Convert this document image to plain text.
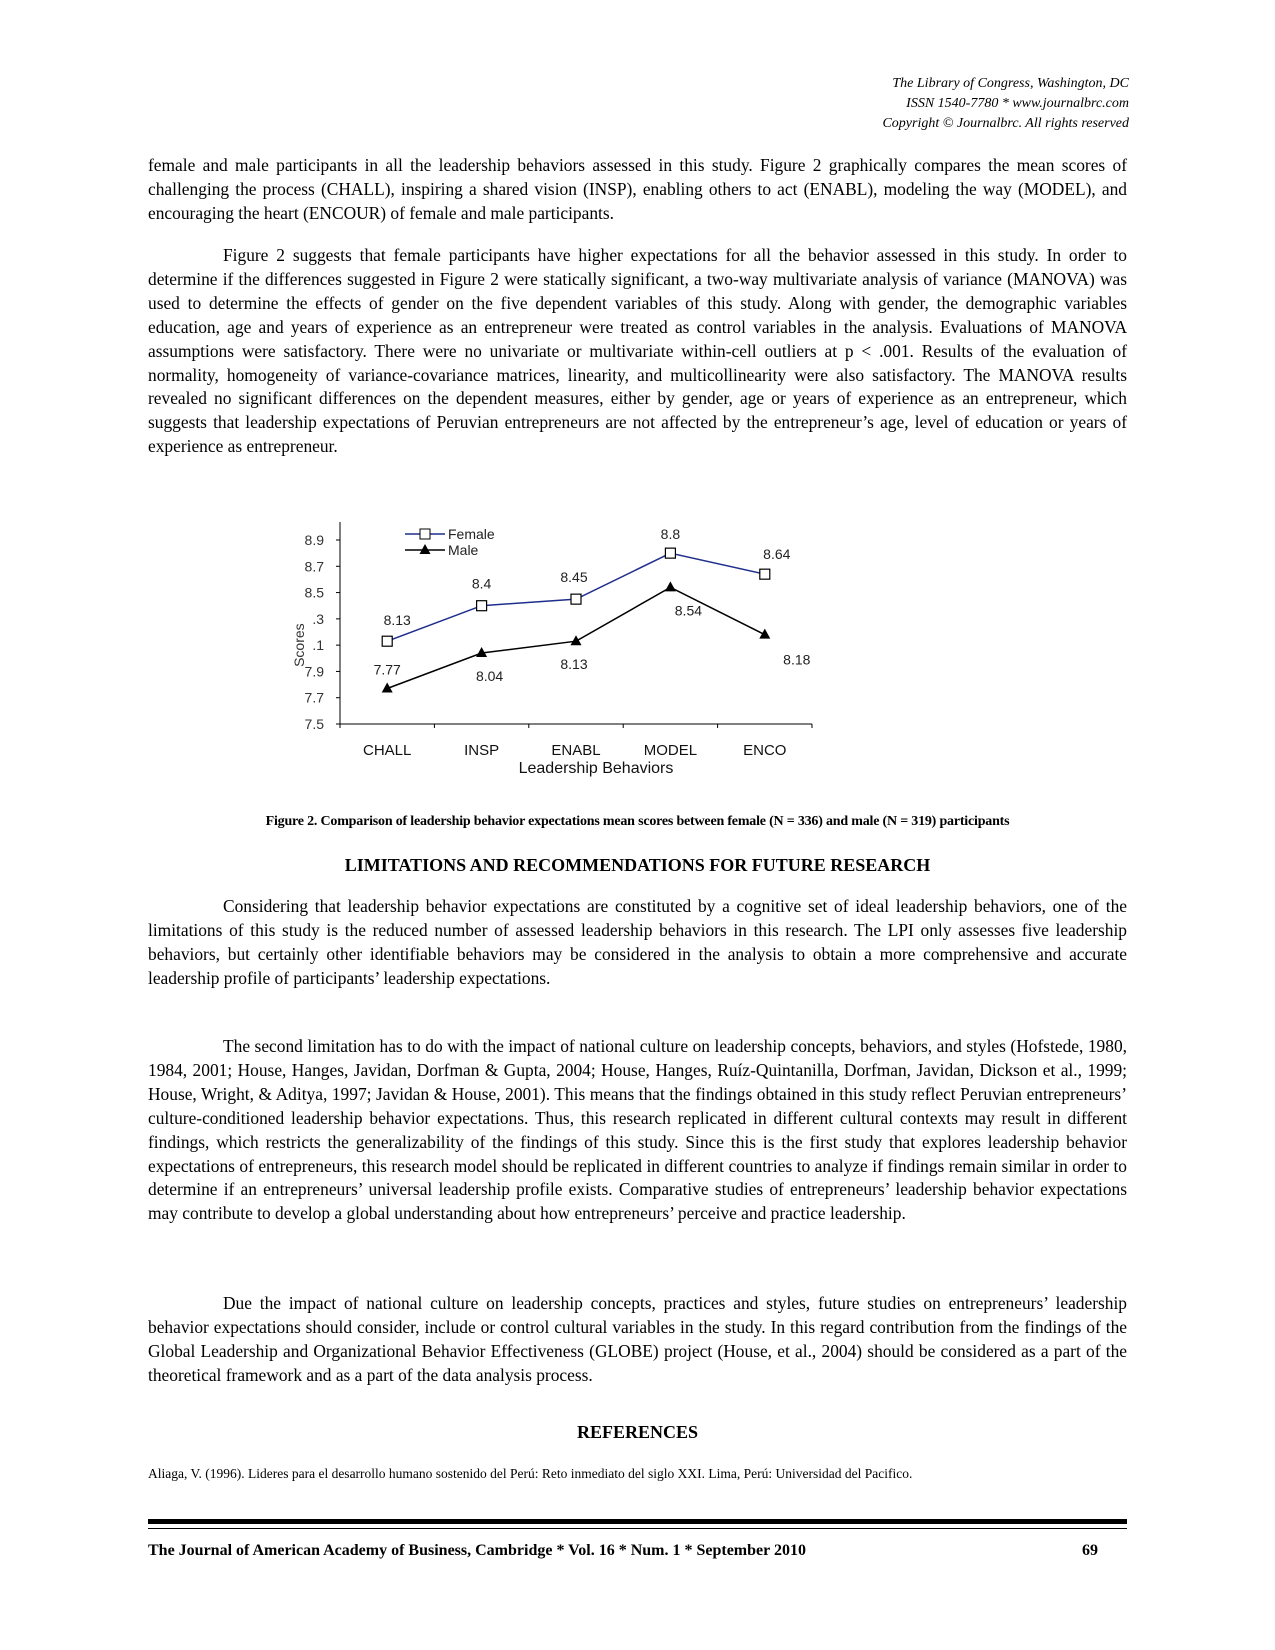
The Library of Congress, Washington, DC
ISSN 1540-7780 * www.journalbrc.com
Copyright © Journalbrc. All rights reserved

female and male participants in all the leadership behaviors assessed in this study. Figure 2 graphically compares the mean scores of challenging the process (CHALL), inspiring a shared vision (INSP), enabling others to act (ENABL), modeling the way (MODEL), and encouraging the heart (ENCOUR) of female and male participants.

Figure 2 suggests that female participants have higher expectations for all the behavior assessed in this study. In order to determine if the differences suggested in Figure 2 were statically significant, a two-way multivariate analysis of variance (MANOVA) was used to determine the effects of gender on the five dependent variables of this study. Along with gender, the demographic variables education, age and years of experience as an entrepreneur were treated as control variables in the analysis. Evaluations of MANOVA assumptions were satisfactory. There were no univariate or multivariate within-cell outliers at p < .001. Results of the evaluation of normality, homogeneity of variance-covariance matrices, linearity, and multicollinearity were also satisfactory. The MANOVA results revealed no significant differences on the dependent measures, either by gender, age or years of experience as an entrepreneur, which suggests that leadership expectations of Peruvian entrepreneurs are not affected by the entrepreneur’s age, level of education or years of experience as entrepreneur.

8.9
8.7
8.5
.3
.1
7.9
7.7
7.5
CHALL	INSP	ENABL	MODEL	ENCO
Leadership Behaviors
Scores
8.13
8.4	8.45
8.8
8.64
7.77	8.04
8.13
8.54
8.18
Female
Male
Figure 2. Comparison of leadership behavior expectations mean scores between female (N = 336) and male (N = 319) participants
LIMITATIONS AND RECOMMENDATIONS FOR FUTURE RESEARCH

Considering that leadership behavior expectations are constituted by a cognitive set of ideal leadership behaviors, one of the limitations of this study is the reduced number of assessed leadership behaviors in this research. The LPI only assesses five leadership behaviors, but certainly other identifiable behaviors may be considered in the analysis to obtain a more comprehensive and accurate leadership profile of participants’ leadership expectations.

The second limitation has to do with the impact of national culture on leadership concepts, behaviors, and styles (Hofstede, 1980, 1984, 2001; House, Hanges, Javidan, Dorfman & Gupta, 2004; House, Hanges, Ruíz-Quintanilla, Dorfman, Javidan, Dickson et al., 1999; House, Wright, & Aditya, 1997; Javidan & House, 2001). This means that the findings obtained in this study reflect Peruvian entrepreneurs’ culture-conditioned leadership behavior expectations. Thus, this research replicated in different cultural contexts may result in different findings, which restricts the generalizability of the findings of this study. Since this is the first study that explores leadership behavior expectations of entrepreneurs, this research model should be replicated in different countries to analyze if findings remain similar in order to determine if an entrepreneurs’ universal leadership profile exists. Comparative studies of entrepreneurs’ leadership behavior expectations may contribute to develop a global understanding about how entrepreneurs’ perceive and practice leadership.

Due the impact of national culture on leadership concepts, practices and styles, future studies on entrepreneurs’ leadership behavior expectations should consider, include or control cultural variables in the study. In this regard contribution from the findings of the Global Leadership and Organizational Behavior Effectiveness (GLOBE) project (House, et al., 2004) should be considered as a part of the theoretical framework and as a part of the data analysis process.

REFERENCES
Aliaga, V. (1996). Lideres para el desarrollo humano sostenido del Perú: Reto inmediato del siglo XXI. Lima, Perú: Universidad del Pacifico.
The Journal of American Academy of Business, Cambridge * Vol. 16 * Num. 1 * September 2010	69
